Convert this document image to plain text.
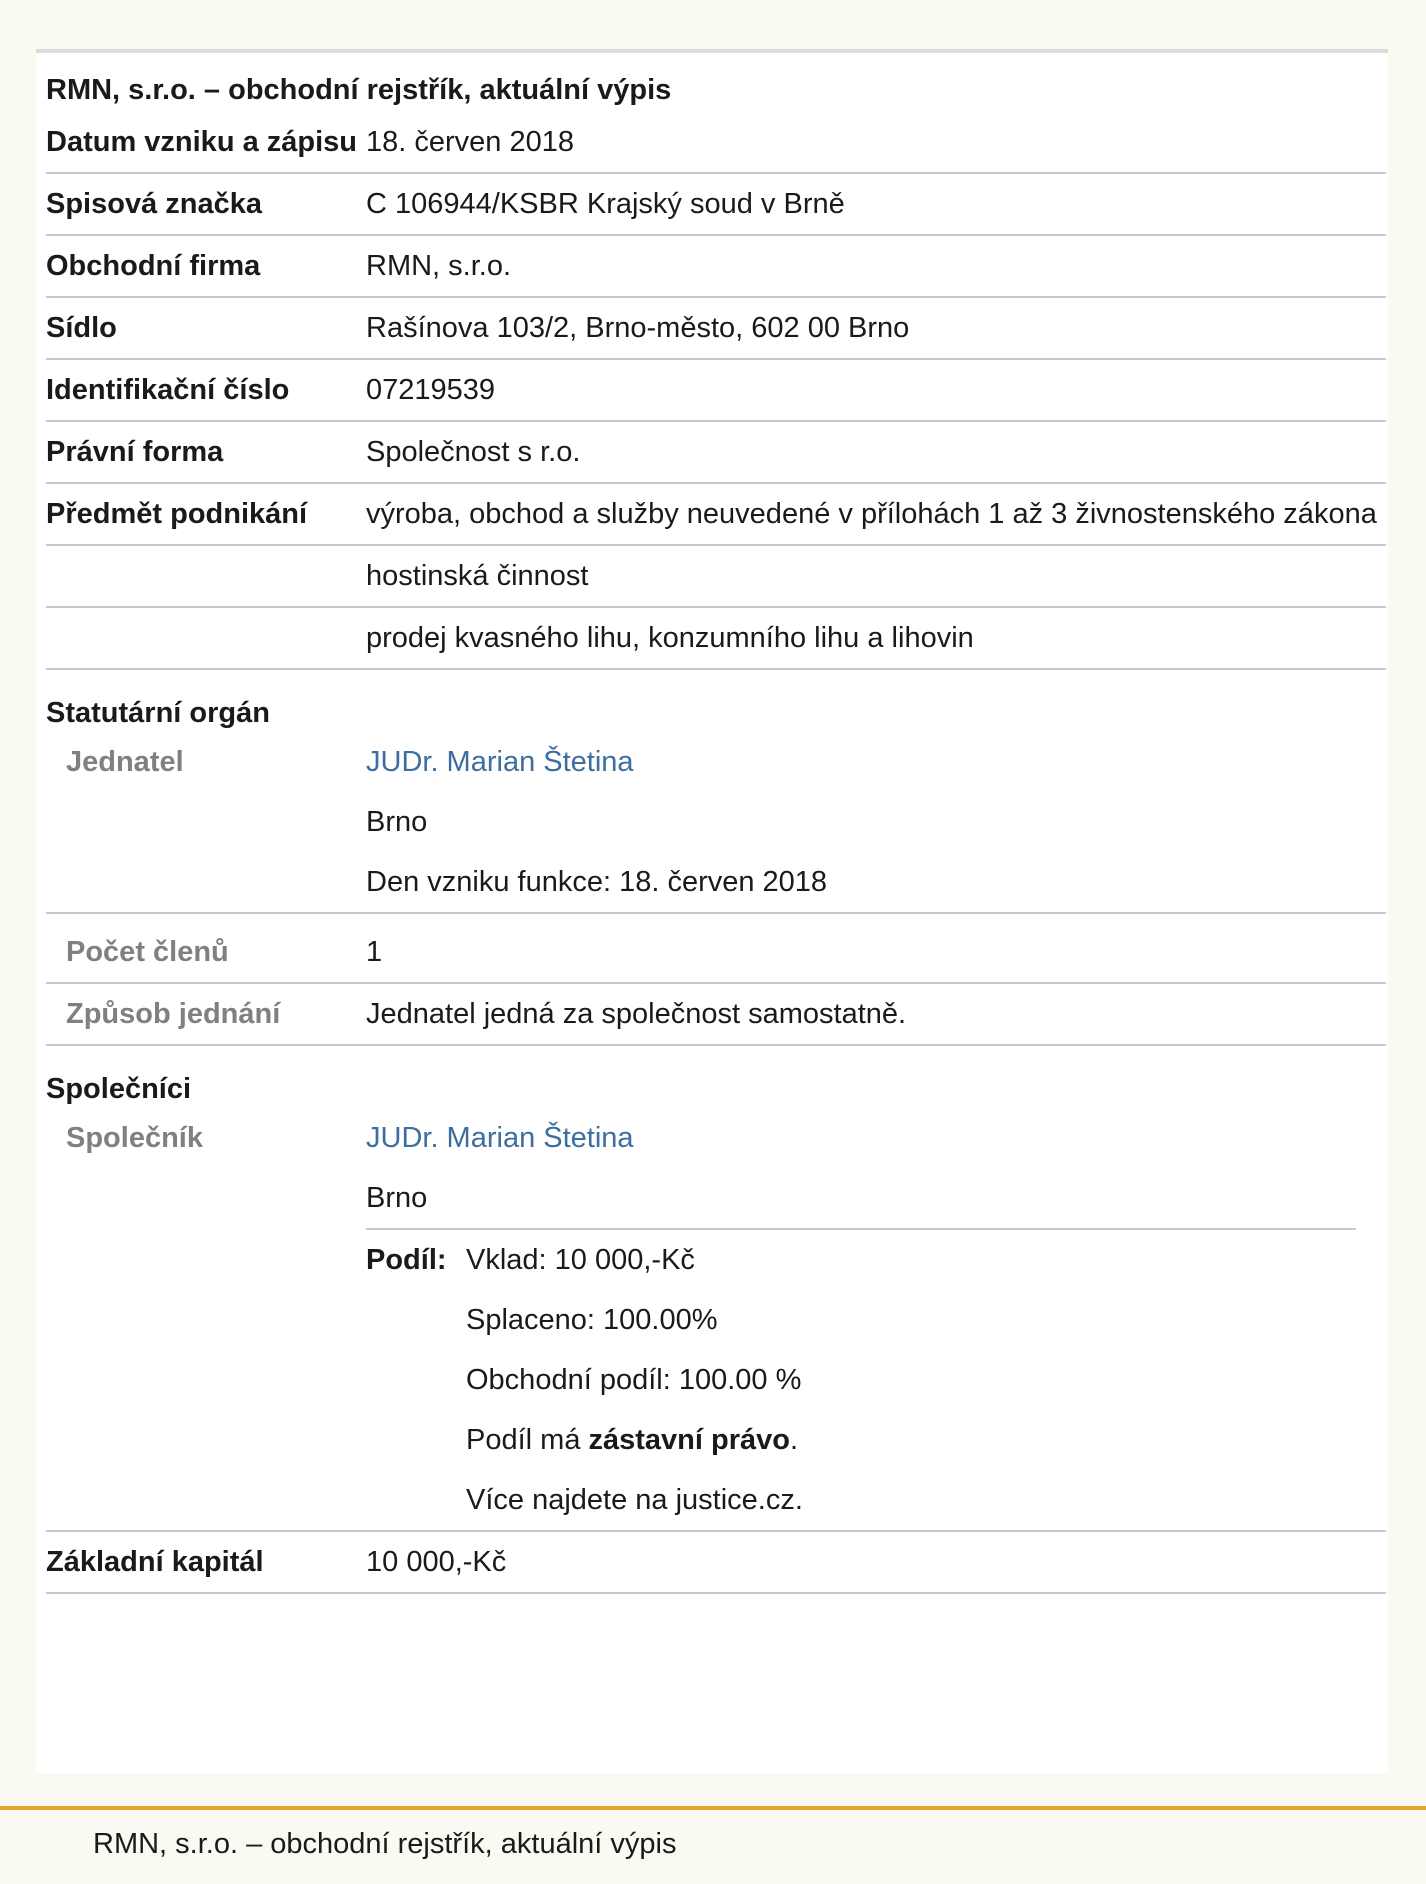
RMN, s.r.o. – obchodní rejstřík, aktuální výpis
Datum vzniku a zápisu 18. červen 2018
Spisová značka	C 106944/KSBR Krajský soud v Brně
Obchodní firma	RMN, s.r.o.
Sídlo	Rašínova 103/2, Brno-město, 602 00 Brno
Identifikační číslo	07219539
Právní forma	Společnost s r.o.
Předmět podnikání	výroba, obchod a služby neuvedené v přílohách 1 až 3 živnostenského zákona
hostinská činnost
prodej kvasného lihu, konzumního lihu a lihovin
Statutární orgán
Jednatel	JUDr. Marian Štetina
Brno
Den vzniku funkce: 18. červen 2018
Počet členů	1
Způsob jednání	Jednatel jedná za společnost samostatně.
Společníci
Společník	JUDr. Marian Štetina
Brno
Podíl: Vklad: 10 000,-Kč
Splaceno: 100.00%
Obchodní podíl: 100.00 %
Podíl má zástavní právo.
Více najdete na justice.cz.
Základní kapitál	10 000,-Kč
RMN, s.r.o. – obchodní rejstřík, aktuální výpis
